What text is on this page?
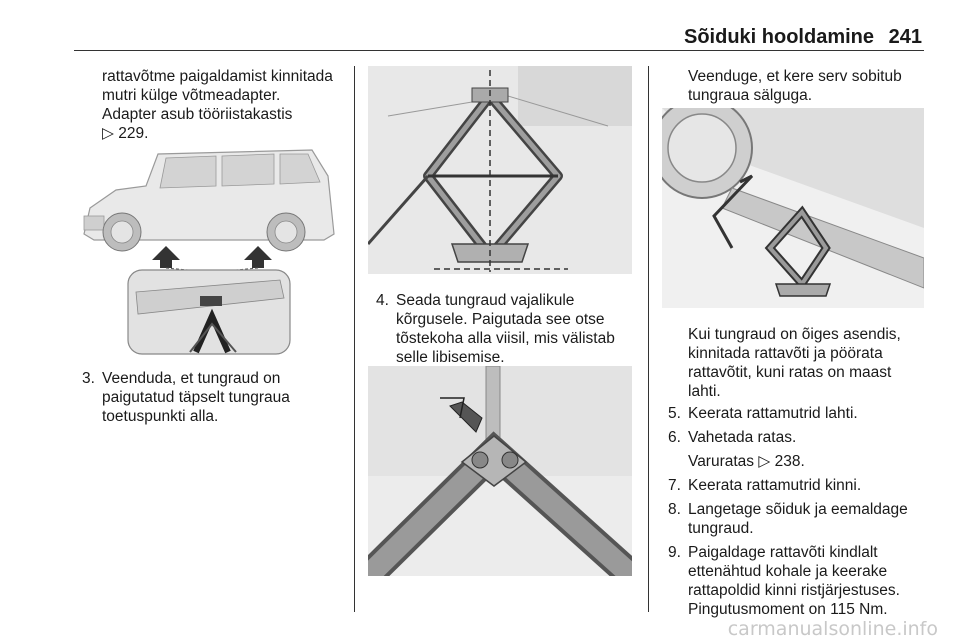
Sõiduki hooldamine 241
rattavõtme paigaldamist kinnitada
mutri külge võtmeadapter.
Adapter asub tööriistakastis
▷ 229.
3. Veenduda, et tungraud on
paigutatud täpselt tungraua
toetuspunkti alla.
4. Seada tungraud vajalikule
kõrgusele. Paigutada see otse
tõstekoha alla viisil, mis välistab
selle libisemise.
Veenduge, et kere serv sobitub
tungraua sälguga.
Kui tungraud on õiges asendis,
kinnitada rattavõti ja pöörata
rattavõtit, kuni ratas on maast
lahti.
5. Keerata rattamutrid lahti.
6. Vahetada ratas.
Varuratas ▷ 238.
7. Keerata rattamutrid kinni.
8. Langetage sõiduk ja eemaldage
tungraud.
9. Paigaldage rattavõti kindlalt
ettenähtud kohale ja keerake
rattapoldid kinni ristjärjestuses.
Pingutusmoment on 115 Nm.
carmanualsonline.info
